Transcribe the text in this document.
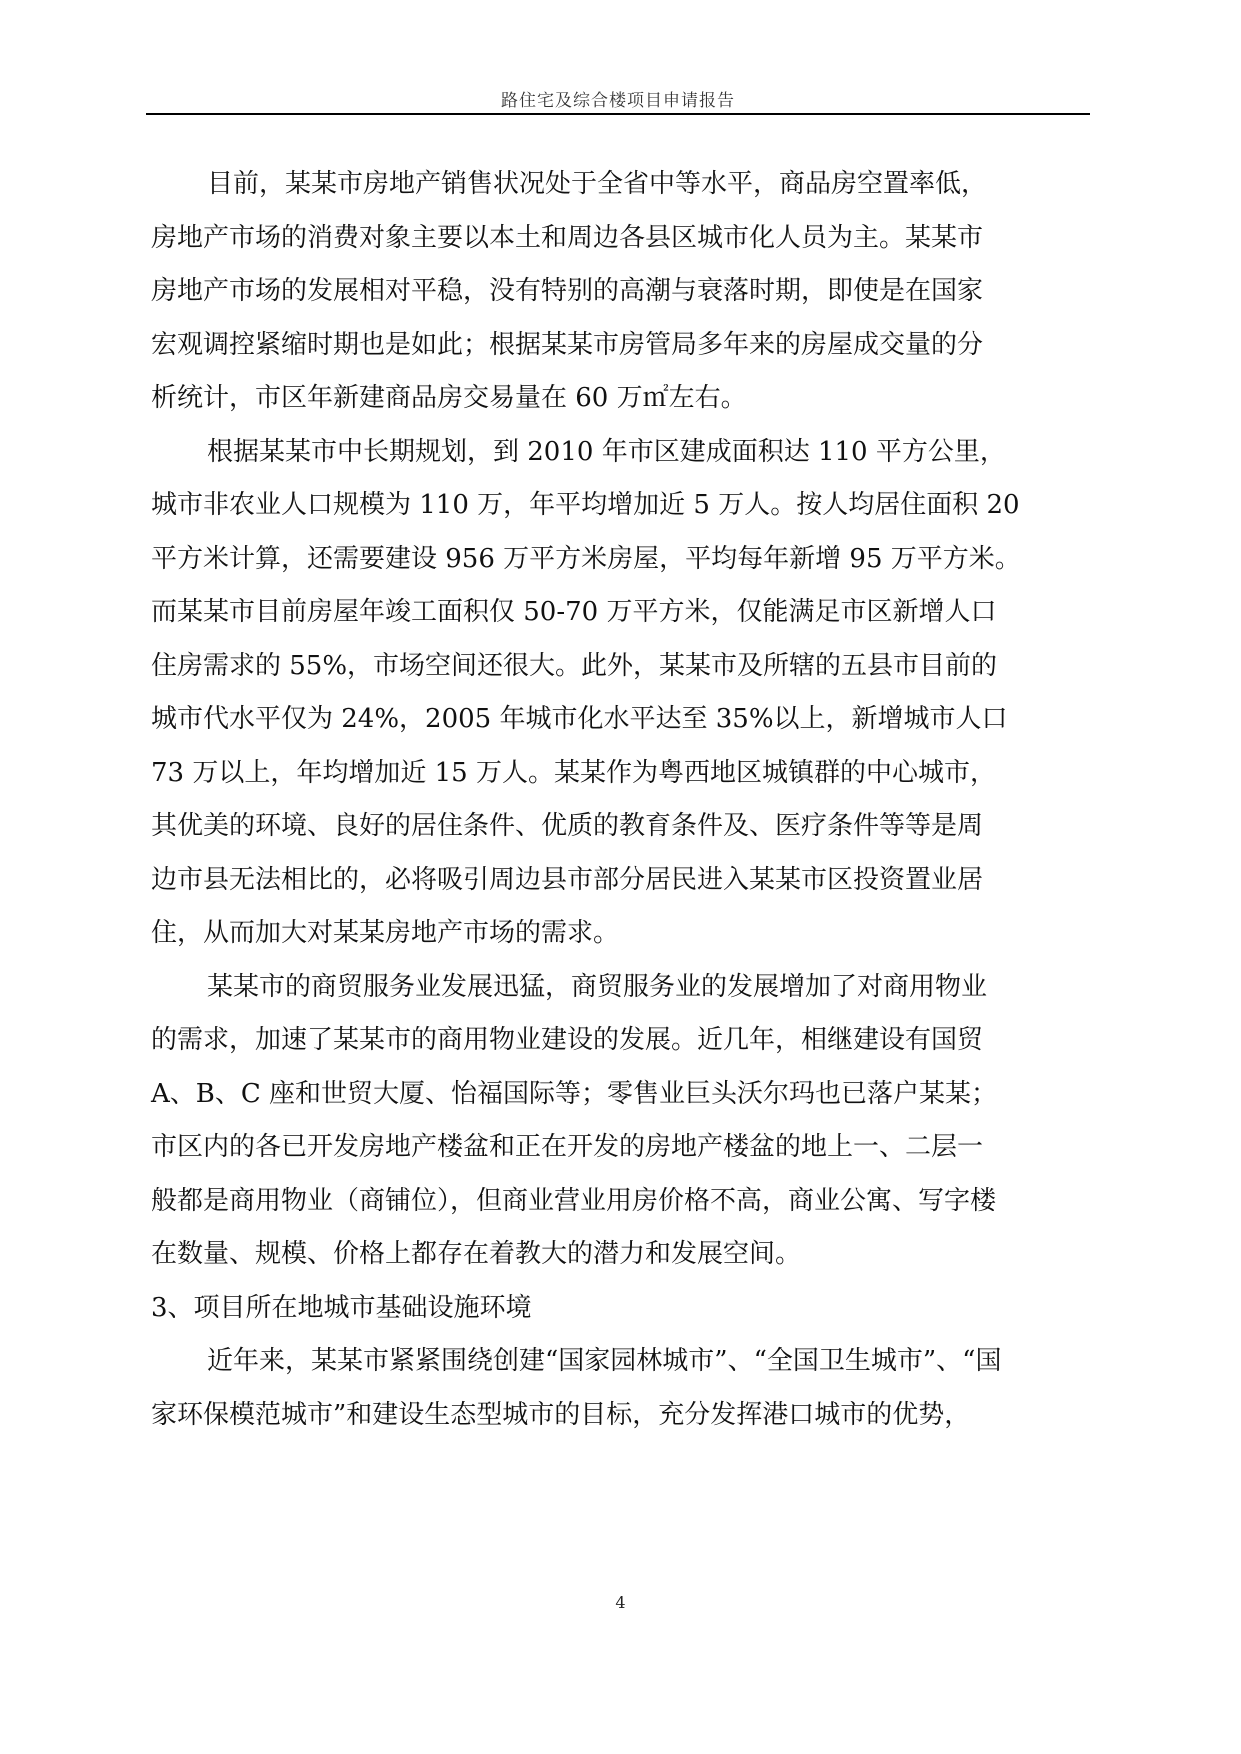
路住宅及综合楼项目申请报告
目前，某某市房地产销售状况处于全省中等水平，商品房空置率低，
房地产市场的消费对象主要以本土和周边各县区城市化人员为主。某某市
房地产市场的发展相对平稳，没有特别的高潮与衰落时期，即使是在国家
宏观调控紧缩时期也是如此；根据某某市房管局多年来的房屋成交量的分
析统计，市区年新建商品房交易量在 60 万㎡左右。
根据某某市中长期规划，到 2010 年市区建成面积达 110 平方公里，
城市非农业人口规模为 110 万，年平均增加近 5 万人。按人均居住面积 20
平方米计算，还需要建设 956 万平方米房屋，平均每年新增 95 万平方米。
而某某市目前房屋年竣工面积仅 50-70 万平方米，仅能满足市区新增人口
住房需求的 55%，市场空间还很大。此外，某某市及所辖的五县市目前的
城市代水平仅为 24%，2005 年城市化水平达至 35%以上，新增城市人口
73 万以上，年均增加近 15 万人。某某作为粤西地区城镇群的中心城市，
其优美的环境、良好的居住条件、优质的教育条件及、医疗条件等等是周
边市县无法相比的，必将吸引周边县市部分居民进入某某市区投资置业居
住，从而加大对某某房地产市场的需求。
某某市的商贸服务业发展迅猛，商贸服务业的发展增加了对商用物业
的需求，加速了某某市的商用物业建设的发展。近几年，相继建设有国贸
A、B、C 座和世贸大厦、怡福国际等；零售业巨头沃尔玛也已落户某某；
市区内的各已开发房地产楼盆和正在开发的房地产楼盆的地上一、二层一
般都是商用物业（商铺位），但商业营业用房价格不高，商业公寓、写字楼
在数量、规模、价格上都存在着教大的潜力和发展空间。
3、项目所在地城市基础设施环境
近年来，某某市紧紧围绕创建“国家园林城市”、“全国卫生城市”、“国
家环保模范城市”和建设生态型城市的目标，充分发挥港口城市的优势，
4
